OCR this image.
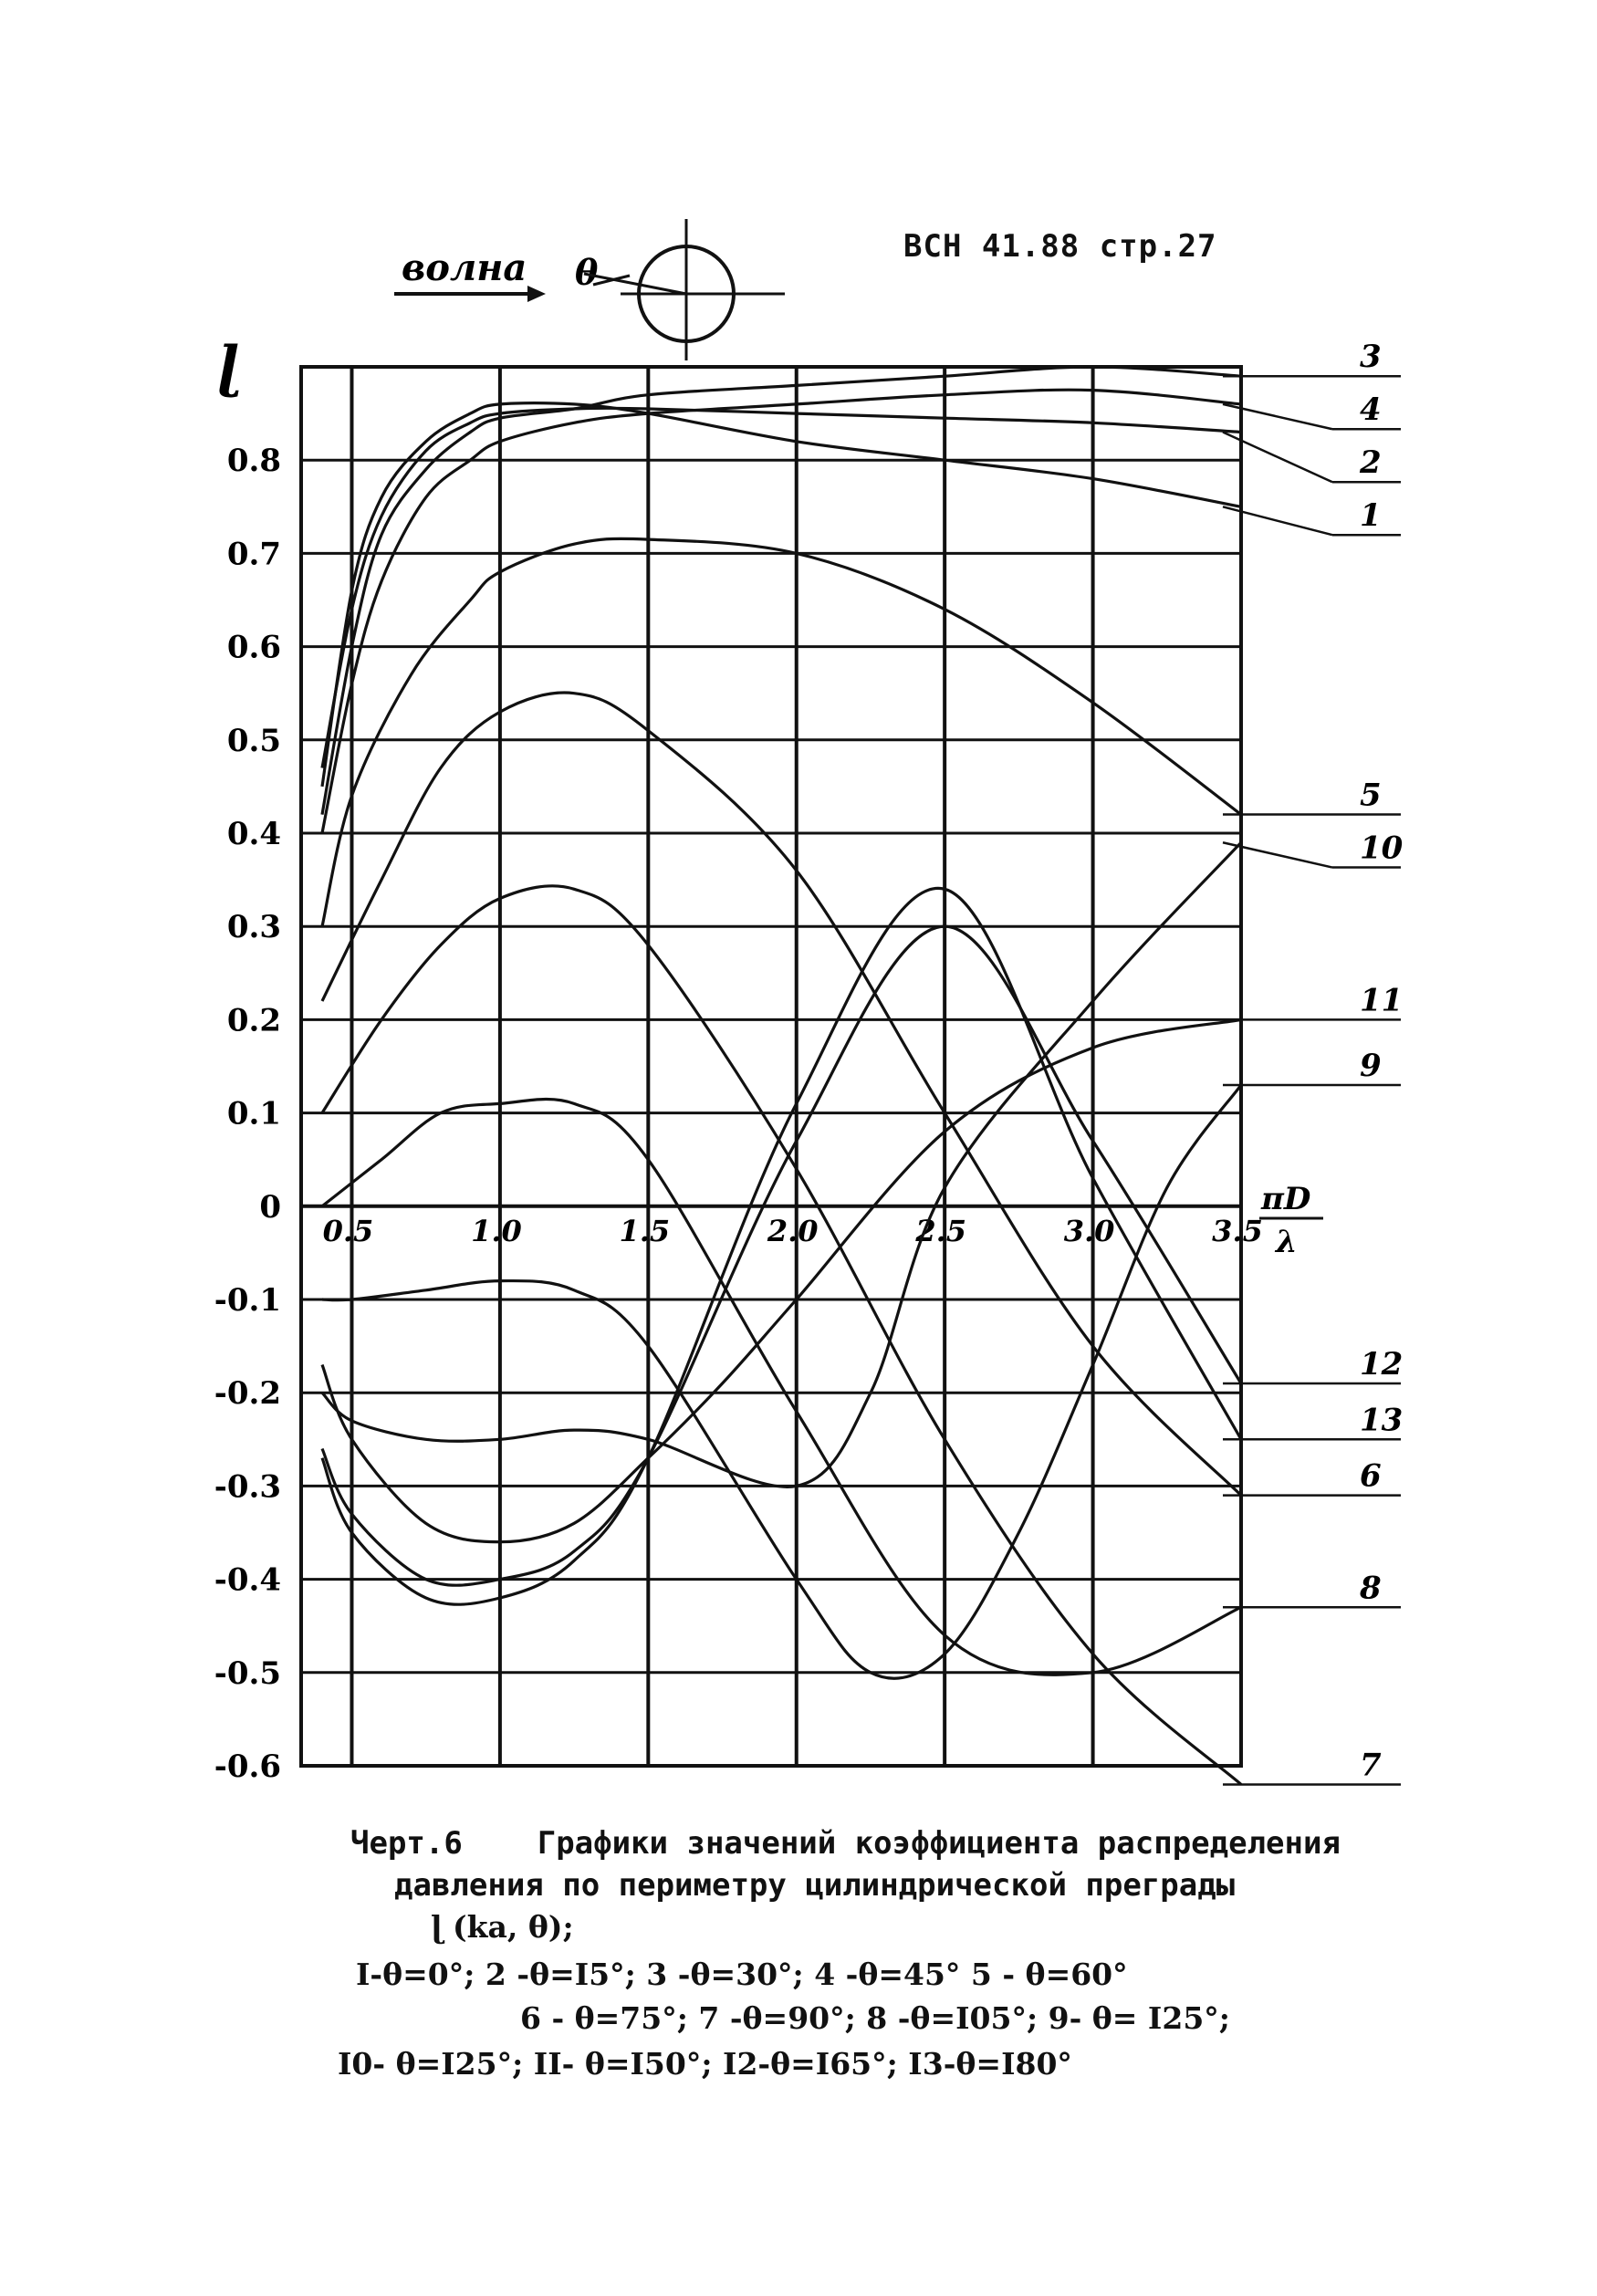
ВСН 41.88 стр.27
волна θ
0.8
0.7
0.6
0.5
0.4
0.3
0.2
0.1
0
-0.1
-0.2
-0.3
-0.4
-0.5
-0.6
0.5	1.0	1.5	2.0	2.5	3.0	3.5
3
4
2
1
5
10
11
9
12
13
6
8
7
ɭ
πD
λ
Черт.6 Графики значений коэффициента распределения
давления по периметру цилиндрической преграды
ɭ (ka, θ);
I-θ=0°; 2 -θ=I5°; 3 -θ=30°; 4 -θ=45° 5 - θ=60°
6 - θ=75°; 7 -θ=90°; 8 -θ=I05°; 9- θ= I25°;
I0- θ=I25°; II- θ=I50°; I2-θ=I65°; I3-θ=I80°
